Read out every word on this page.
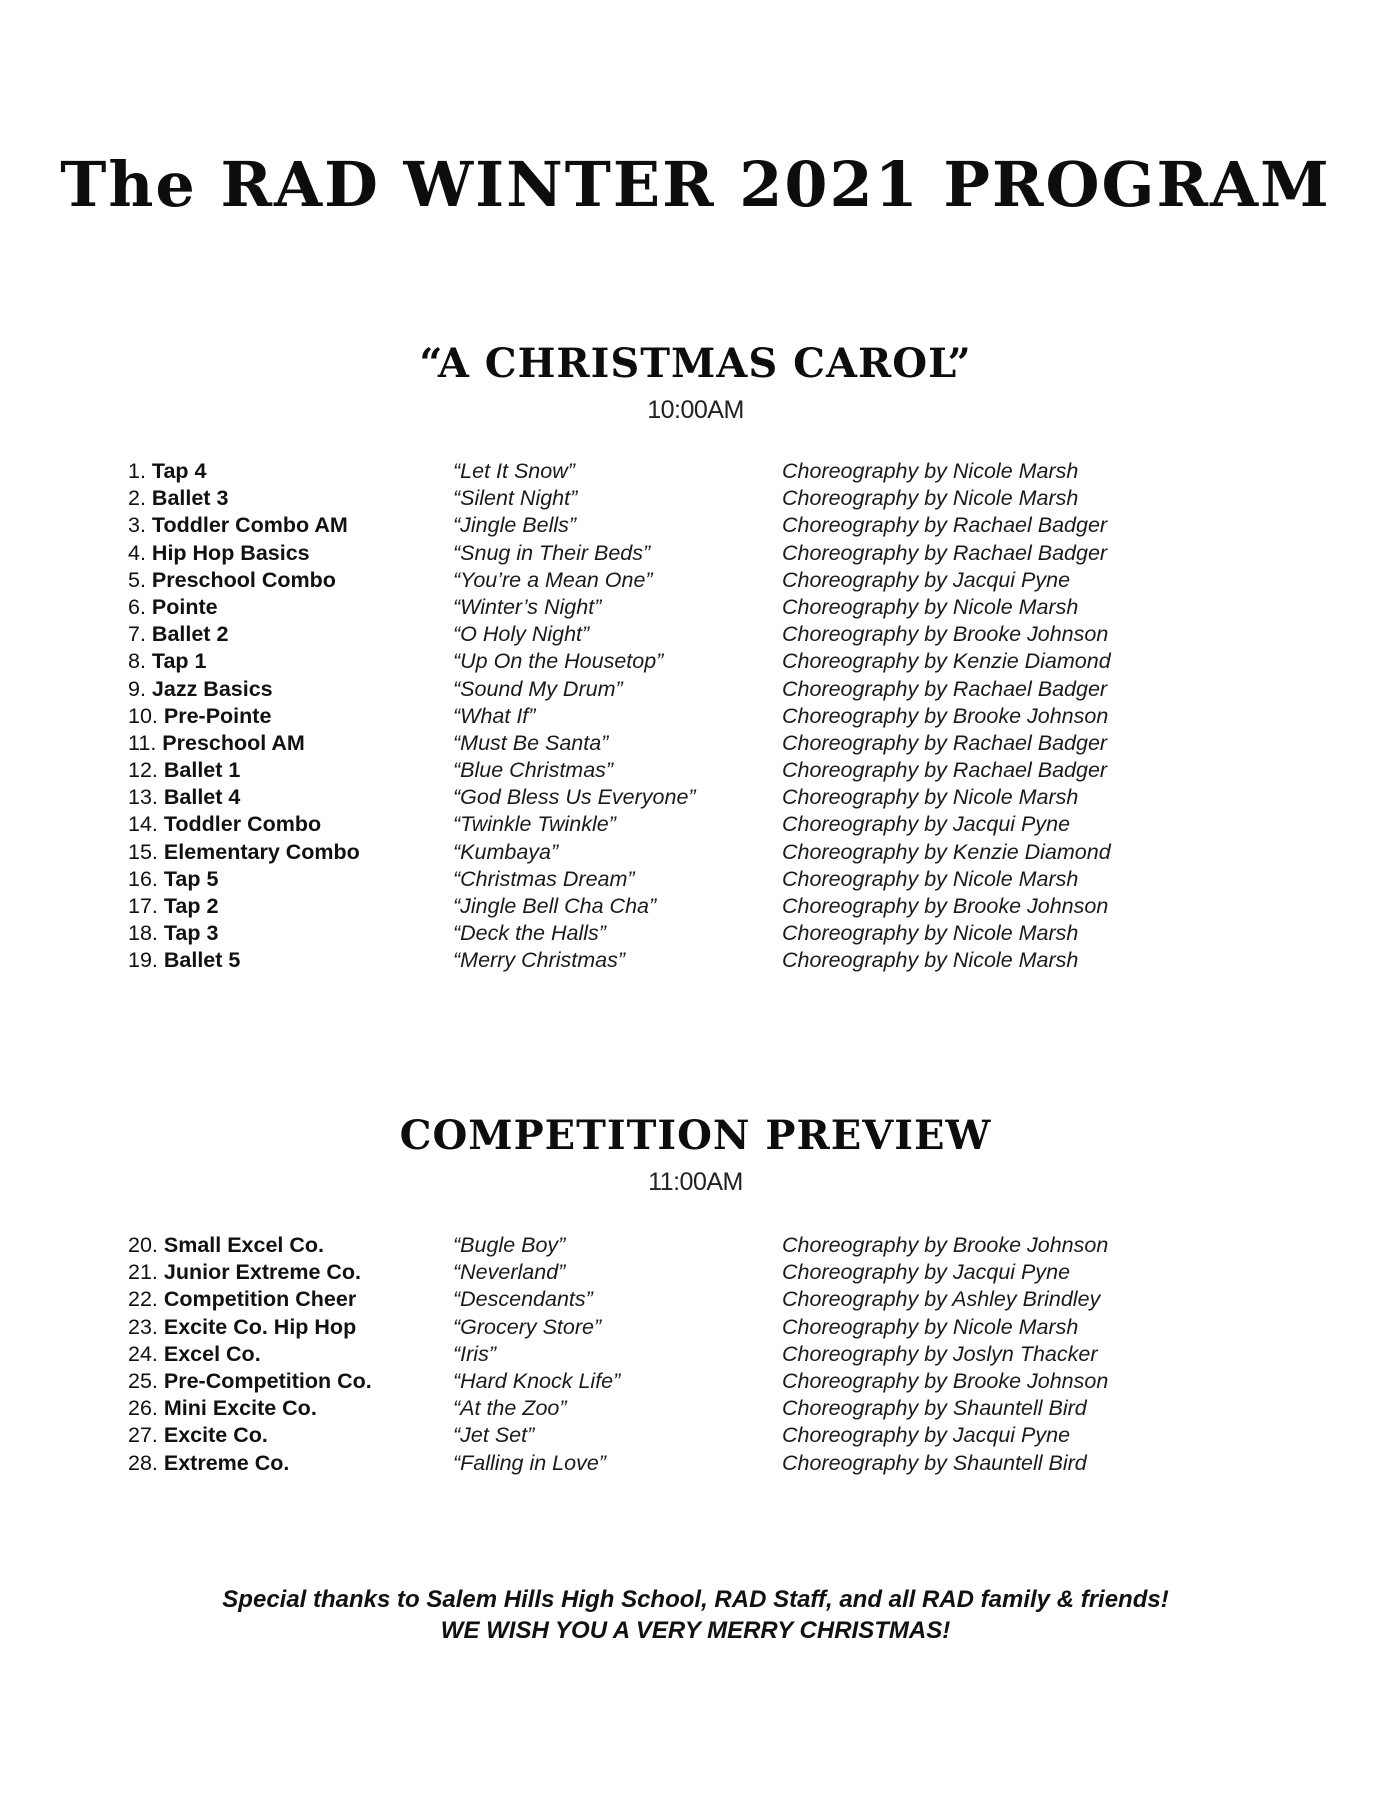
The RAD WINTER 2021 PROGRAM
“A CHRISTMAS CAROL”
10:00AM
1. Tap 4	“Let It Snow”	Choreography by Nicole Marsh
2. Ballet 3	“Silent Night”	Choreography by Nicole Marsh
3. Toddler Combo AM	“Jingle Bells”	Choreography by Rachael Badger
4. Hip Hop Basics	“Snug in Their Beds”	Choreography by Rachael Badger
5. Preschool Combo	“You’re a Mean One”	Choreography by Jacqui Pyne
6. Pointe	“Winter’s Night”	Choreography by Nicole Marsh
7. Ballet 2	“O Holy Night”	Choreography by Brooke Johnson
8. Tap 1	“Up On the Housetop”	Choreography by Kenzie Diamond
9. Jazz Basics	“Sound My Drum”	Choreography by Rachael Badger
10. Pre-Pointe	“What If”	Choreography by Brooke Johnson
11. Preschool AM	“Must Be Santa”	Choreography by Rachael Badger
12. Ballet 1	“Blue Christmas”	Choreography by Rachael Badger
13. Ballet 4	“God Bless Us Everyone”	Choreography by Nicole Marsh
14. Toddler Combo	“Twinkle Twinkle”	Choreography by Jacqui Pyne
15. Elementary Combo	“Kumbaya”	Choreography by Kenzie Diamond
16. Tap 5	“Christmas Dream”	Choreography by Nicole Marsh
17. Tap 2	“Jingle Bell Cha Cha”	Choreography by Brooke Johnson
18. Tap 3	“Deck the Halls”	Choreography by Nicole Marsh
19. Ballet 5	“Merry Christmas”	Choreography by Nicole Marsh
COMPETITION PREVIEW
11:00AM
20. Small Excel Co.	“Bugle Boy”	Choreography by Brooke Johnson
21. Junior Extreme Co.	“Neverland”	Choreography by Jacqui Pyne
22. Competition Cheer	“Descendants”	Choreography by Ashley Brindley
23. Excite Co. Hip Hop	“Grocery Store”	Choreography by Nicole Marsh
24. Excel Co.	“Iris”	Choreography by Joslyn Thacker
25. Pre-Competition Co.	“Hard Knock Life”	Choreography by Brooke Johnson
26. Mini Excite Co.	“At the Zoo”	Choreography by Shauntell Bird
27. Excite Co.	“Jet Set”	Choreography by Jacqui Pyne
28. Extreme Co.	“Falling in Love”	Choreography by Shauntell Bird
Special thanks to Salem Hills High School, RAD Staff, and all RAD family & friends!
WE WISH YOU A VERY MERRY CHRISTMAS!
